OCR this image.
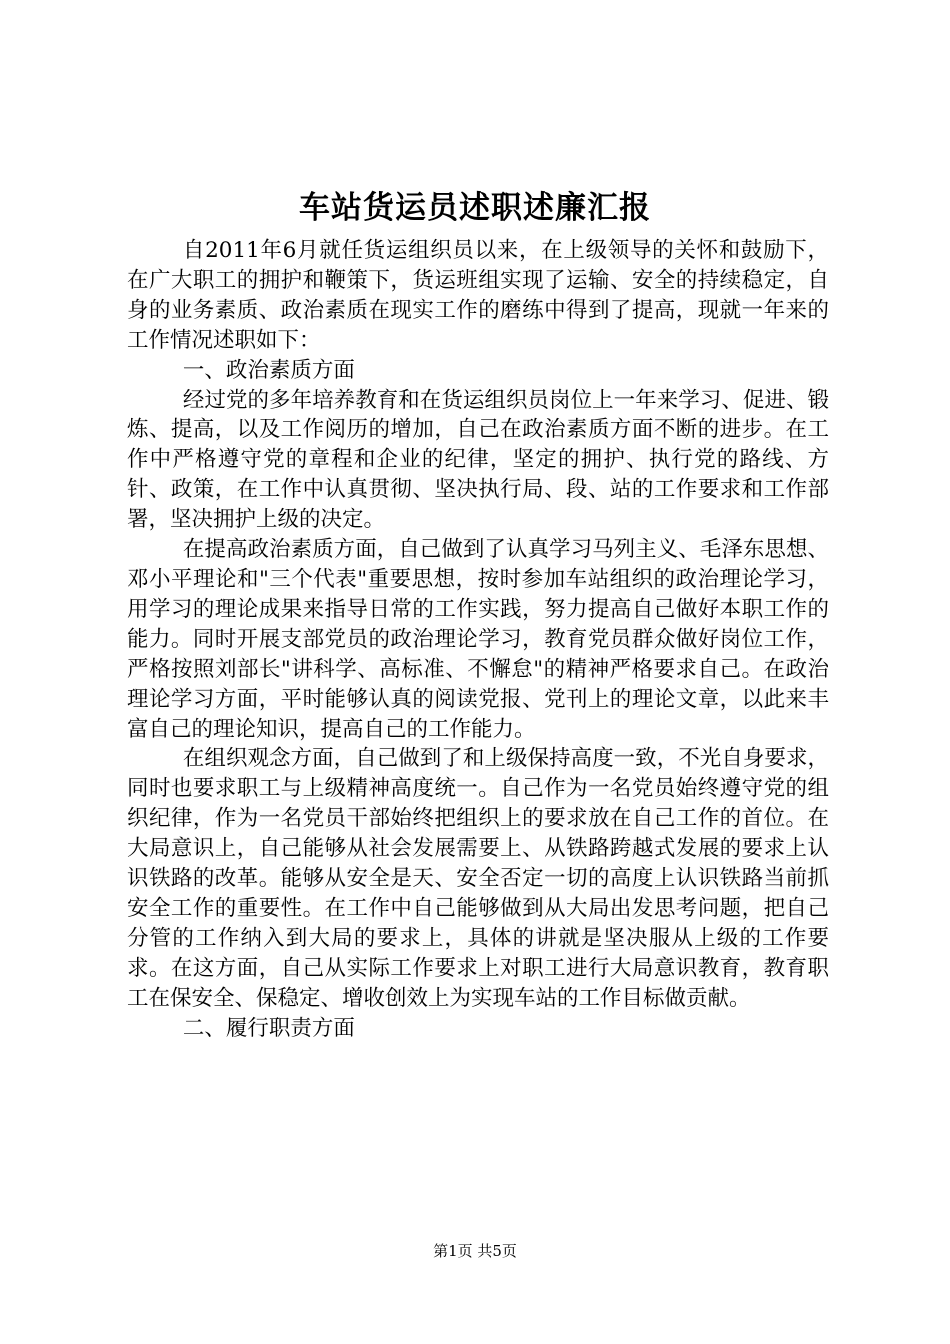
车站货运员述职述廉汇报

自2011年6月就任货运组织员以来，在上级领导的关怀和鼓励下，在广大职工的拥护和鞭策下，货运班组实现了运输、安全的持续稳定，自身的业务素质、政治素质在现实工作的磨练中得到了提高，现就一年来的工作情况述职如下：

一、政治素质方面

经过党的多年培养教育和在货运组织员岗位上一年来学习、促进、锻炼、提高，以及工作阅历的增加，自己在政治素质方面不断的进步。在工作中严格遵守党的章程和企业的纪律，坚定的拥护、执行党的路线、方针、政策，在工作中认真贯彻、坚决执行局、段、站的工作要求和工作部署，坚决拥护上级的决定。

在提高政治素质方面，自己做到了认真学习马列主义、毛泽东思想、邓小平理论和"三个代表"重要思想，按时参加车站组织的政治理论学习，用学习的理论成果来指导日常的工作实践，努力提高自己做好本职工作的能力。同时开展支部党员的政治理论学习，教育党员群众做好岗位工作，严格按照刘部长"讲科学、高标准、不懈怠"的精神严格要求自己。在政治理论学习方面，平时能够认真的阅读党报、党刊上的理论文章，以此来丰富自己的理论知识，提高自己的工作能力。

在组织观念方面，自己做到了和上级保持高度一致，不光自身要求，同时也要求职工与上级精神高度统一。自己作为一名党员始终遵守党的组织纪律，作为一名党员干部始终把组织上的要求放在自己工作的首位。在大局意识上，自己能够从社会发展需要上、从铁路跨越式发展的要求上认识铁路的改革。能够从安全是天、安全否定一切的高度上认识铁路当前抓安全工作的重要性。在工作中自己能够做到从大局出发思考问题，把自己分管的工作纳入到大局的要求上，具体的讲就是坚决服从上级的工作要求。在这方面，自己从实际工作要求上对职工进行大局意识教育，教育职工在保安全、保稳定、增收创效上为实现车站的工作目标做贡献。

二、履行职责方面

第1页 共5页
